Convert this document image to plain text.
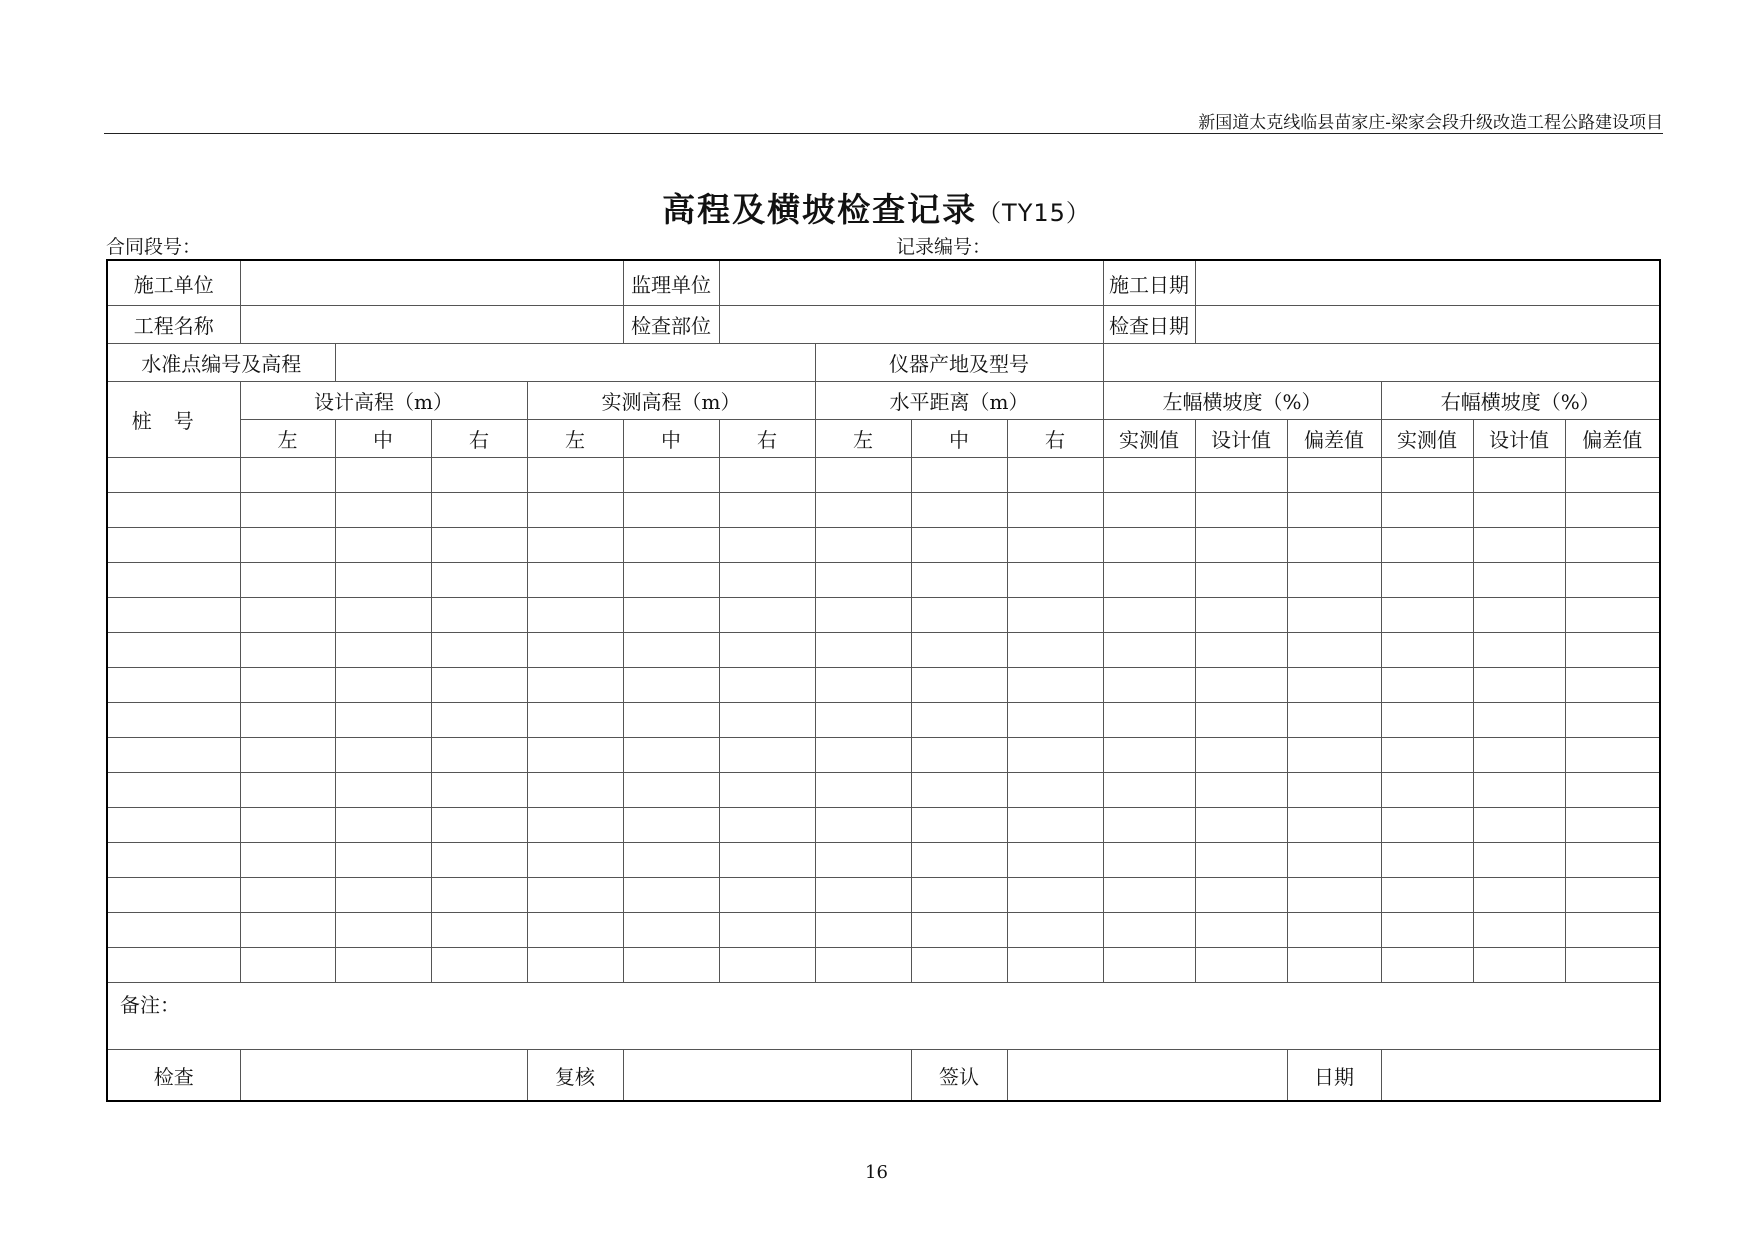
新国道太克线临县苗家庄-梁家会段升级改造工程公路建设项目
高程及横坡检查记录（TY15）
合同段号：	记录编号：
施工单位					监理单位					施工日期					
工程名称					检查部位					检查日期					
水准点编号及高程							仪器产地及型号								
桩号	设计高程（m）			实测高程（m）			水平距离（m）			左幅横坡度（%）			右幅横坡度（%）		
	左	中	右	左	中	右	左	中	右	实测值	设计值	偏差值	实测值	设计值	偏差值

备注：															
检查				复核				签认				日期			
16
